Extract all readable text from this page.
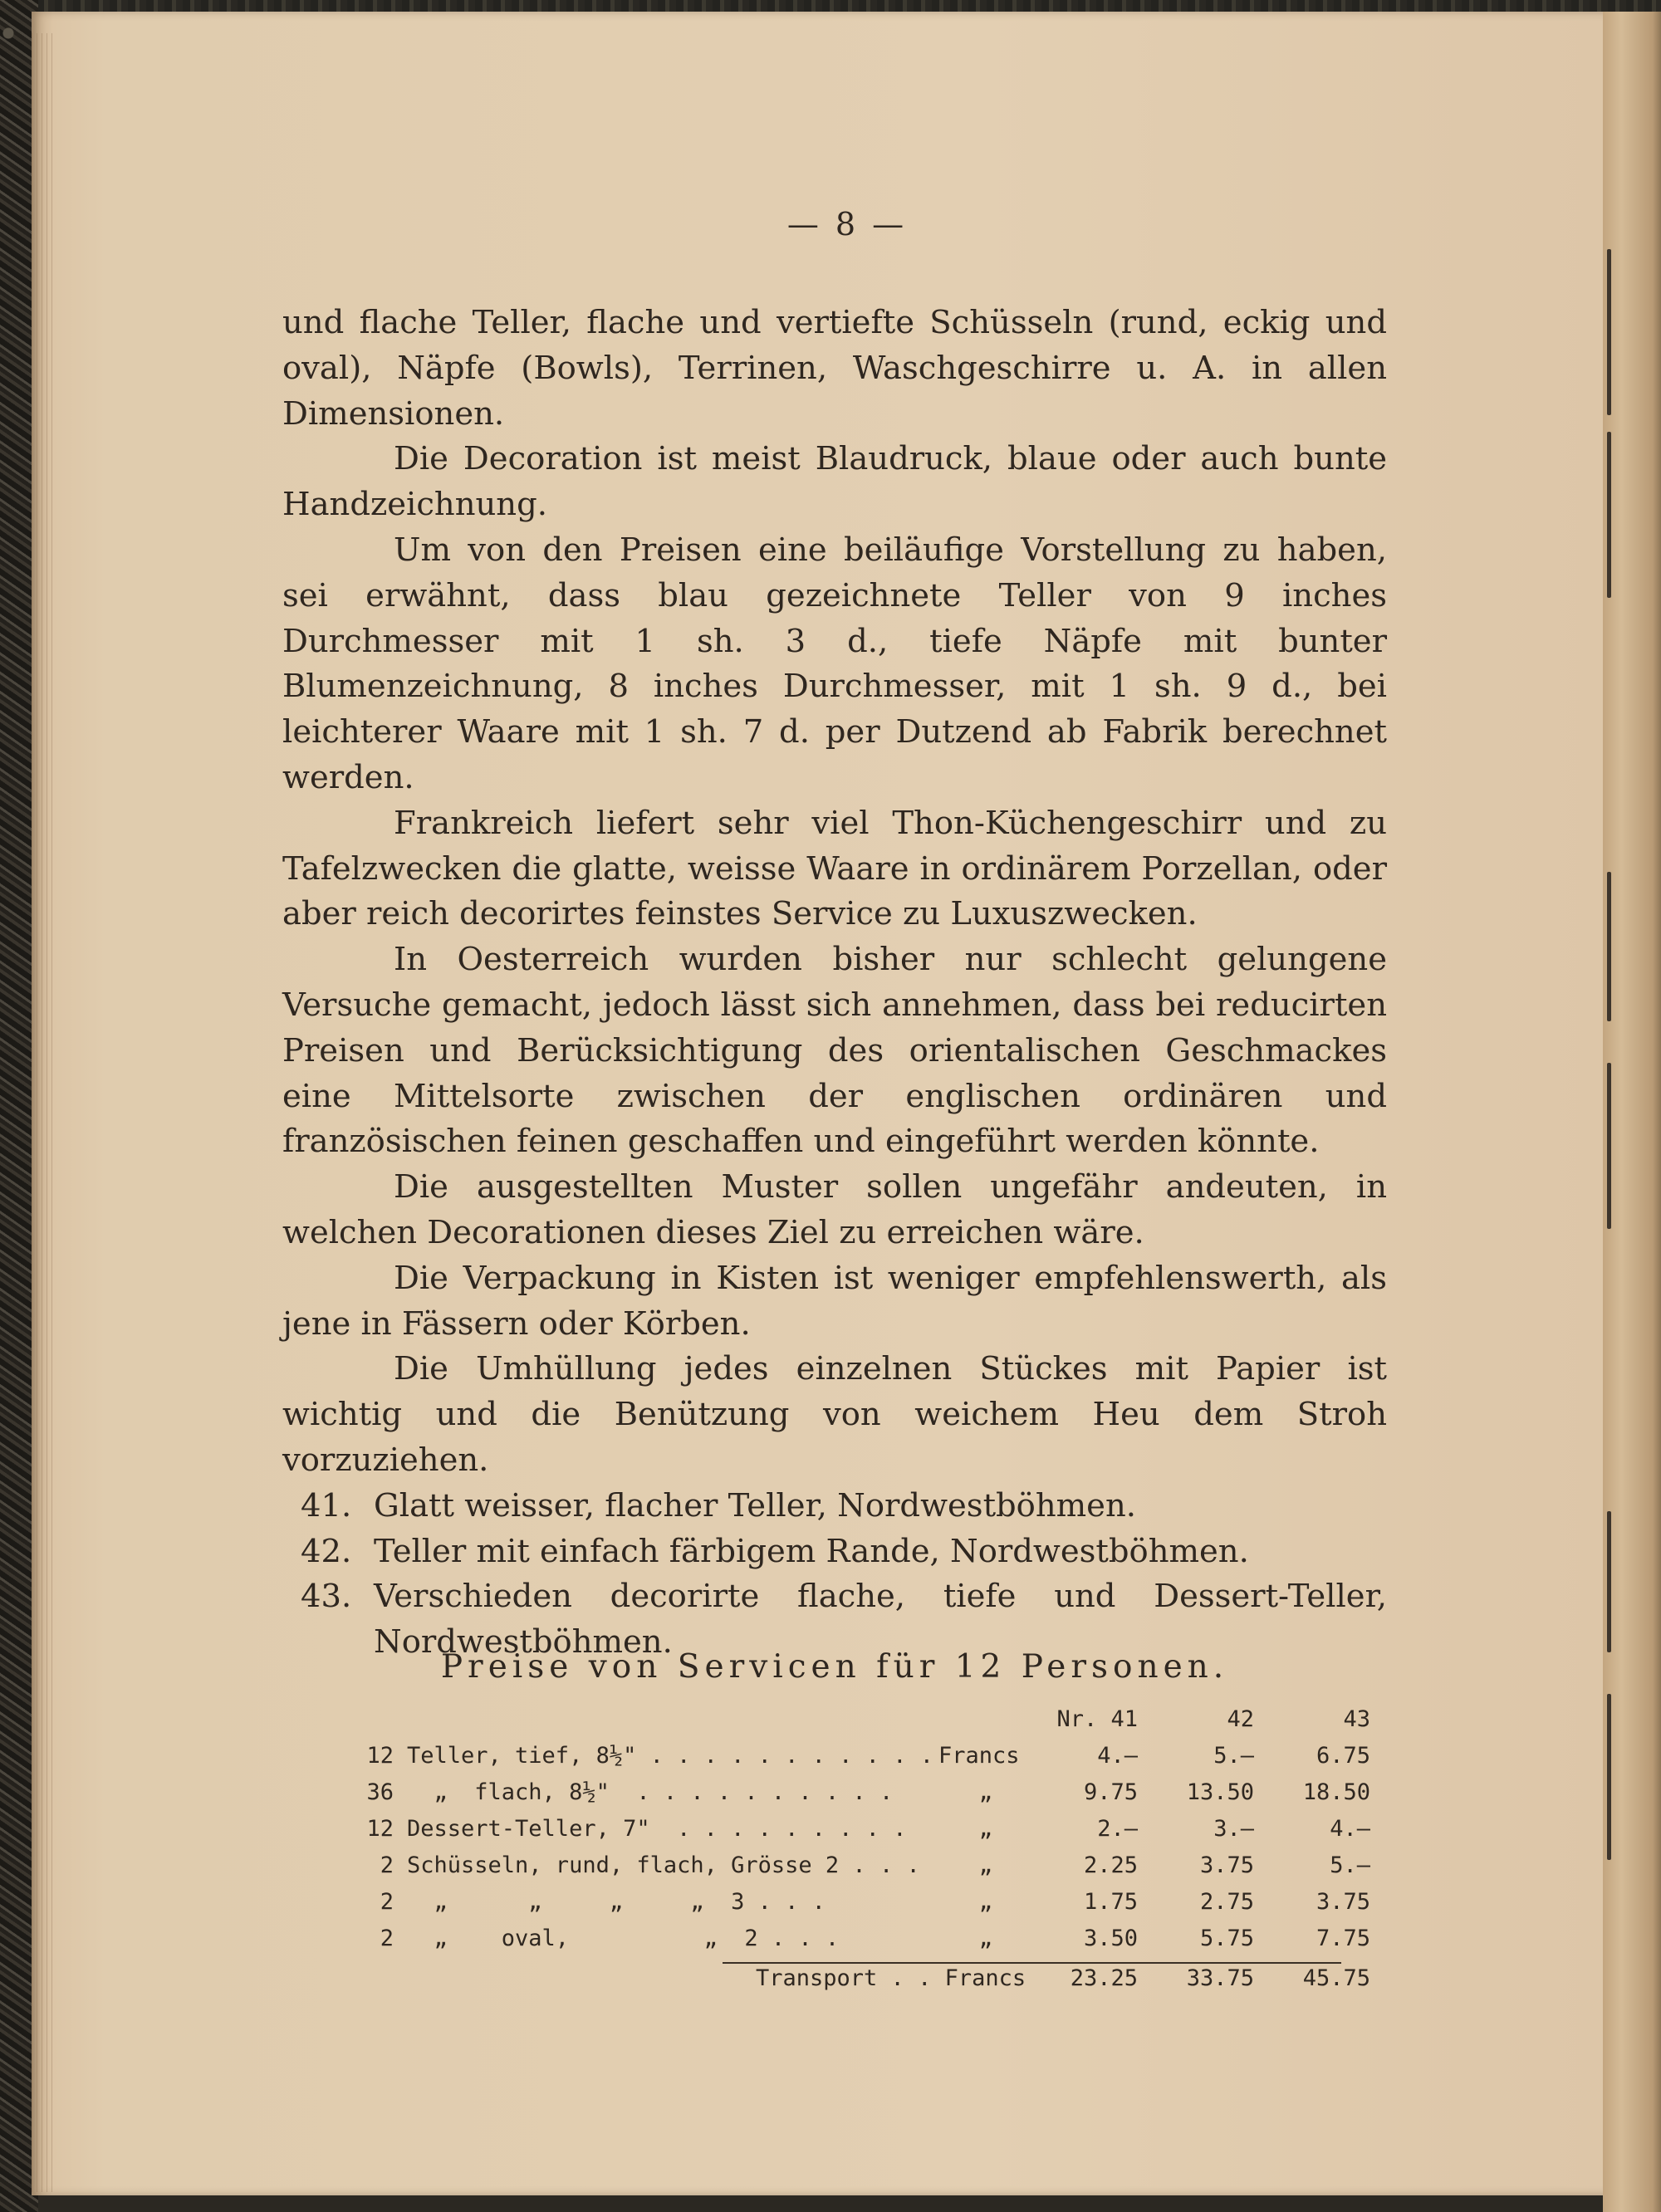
— 8 —

und flache Teller, flache und vertiefte Schüsseln (rund, eckig und oval), Näpfe (Bowls), Terrinen, Waschgeschirre u. A. in allen Dimensionen.

Die Decoration ist meist Blaudruck, blaue oder auch bunte Handzeichnung.

Um von den Preisen eine beiläufige Vorstellung zu haben, sei erwähnt, dass blau gezeichnete Teller von 9 inches Durchmesser mit 1 sh. 3 d., tiefe Näpfe mit bunter Blumenzeichnung, 8 inches Durchmesser, mit 1 sh. 9 d., bei leichterer Waare mit 1 sh. 7 d. per Dutzend ab Fabrik berechnet werden.

Frankreich liefert sehr viel Thon-Küchengeschirr und zu Tafelzwecken die glatte, weisse Waare in ordinärem Porzellan, oder aber reich decorirtes feinstes Service zu Luxuszwecken.

In Oesterreich wurden bisher nur schlecht gelungene Versuche gemacht, jedoch lässt sich annehmen, dass bei reducirten Preisen und Berücksichtigung des orientalischen Geschmackes eine Mittelsorte zwischen der englischen ordinären und französischen feinen geschaffen und eingeführt werden könnte.

Die ausgestellten Muster sollen ungefähr andeuten, in welchen Decorationen dieses Ziel zu erreichen wäre.

Die Verpackung in Kisten ist weniger empfehlenswerth, als jene in Fässern oder Körben.

Die Umhüllung jedes einzelnen Stückes mit Papier ist wichtig und die Benützung von weichem Heu dem Stroh vorzuziehen.

41. Glatt weisser, flacher Teller, Nordwestböhmen.
42. Teller mit einfach färbigem Rande, Nordwestböhmen.
43. Verschieden decorirte flache, tiefe und Dessert-Teller, Nordwestböhmen.
Preise von Servicen für 12 Personen.
Nr. 41	42	43
12 Teller, tief, 8½" . . . . . . . . . . . Francs	4.—	5.—	6.75
36 „  flach, 8½"  . . . . . . . . . . „	9.75	13.50	18.50
12 Dessert-Teller, 7"  . . . . . . . . . „	2.—	3.—	4.—
2 Schüsseln, rund, flach, Grösse 2 . . . „	2.25	3.75	5.—
2 „      „     „     „  3 . . .	„	1.75	2.75	3.75
2 „    oval,          „  2 . . .	„	3.50	5.75	7.75
Transport . . Francs	23.25	33.75	45.75
